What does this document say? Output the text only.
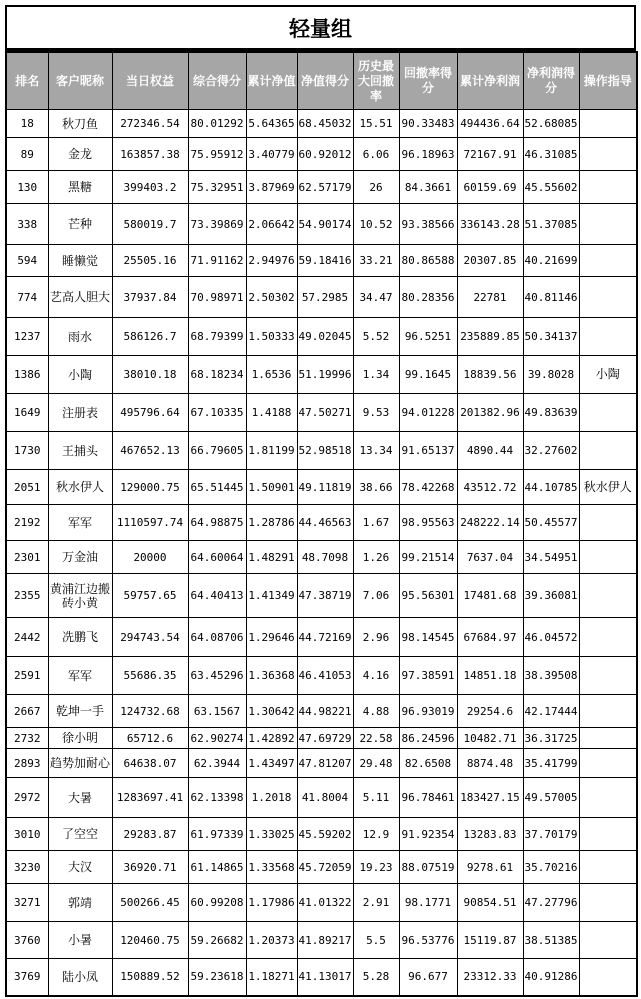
轻量组
排名	客户昵称	当日权益	综合得分	累计净值	净值得分	历史最大回撤率	回撤率得分	累计净利润	净利润得分	操作指导
18	秋刀鱼	272346.54	80.01292	5.64365	68.45032	15.51	90.33483	494436.64	52.68085	
89	金龙	163857.38	75.95912	3.40779	60.92012	6.06	96.18963	72167.91	46.31085	
130	黑糖	399403.2	75.32951	3.87969	62.57179	26	84.3661	60159.69	45.55602	
338	芒种	580019.7	73.39869	2.06642	54.90174	10.52	93.38566	336143.28	51.37085	
594	睡懒觉	25505.16	71.91162	2.94976	59.18416	33.21	80.86588	20307.85	40.21699	
774	艺高人胆大	37937.84	70.98971	2.50302	57.2985	34.47	80.28356	22781	40.81146	
1237	雨水	586126.7	68.79399	1.50333	49.02045	5.52	96.5251	235889.85	50.34137	
1386	小陶	38010.18	68.18234	1.6536	51.19996	1.34	99.1645	18839.56	39.8028	小陶
1649	注册表	495796.64	67.10335	1.4188	47.50271	9.53	94.01228	201382.96	49.83639	
1730	王捕头	467652.13	66.79605	1.81199	52.98518	13.34	91.65137	4890.44	32.27602	
2051	秋水伊人	129000.75	65.51445	1.50901	49.11819	38.66	78.42268	43512.72	44.10785	秋水伊人
2192	军军	1110597.74	64.98875	1.28786	44.46563	1.67	98.95563	248222.14	50.45577	
2301	万金油	20000	64.60064	1.48291	48.7098	1.26	99.21514	7637.04	34.54951	
2355	黄浦江边搬砖小黄	59757.65	64.40413	1.41349	47.38719	7.06	95.56301	17481.68	39.36081	
2442	冼鹏飞	294743.54	64.08706	1.29646	44.72169	2.96	98.14545	67684.97	46.04572	
2591	军军	55686.35	63.45296	1.36368	46.41053	4.16	97.38591	14851.18	38.39508	
2667	乾坤一手	124732.68	63.1567	1.30642	44.98221	4.88	96.93019	29254.6	42.17444	
2732	徐小明	65712.6	62.90274	1.42892	47.69729	22.58	86.24596	10482.71	36.31725	
2893	趋势加耐心	64638.07	62.3944	1.43497	47.81207	29.48	82.6508	8874.48	35.41799	
2972	大暑	1283697.41	62.13398	1.2018	41.8004	5.11	96.78461	183427.15	49.57005	
3010	了空空	29283.87	61.97339	1.33025	45.59202	12.9	91.92354	13283.83	37.70179	
3230	大汉	36920.71	61.14865	1.33568	45.72059	19.23	88.07519	9278.61	35.70216	
3271	郭靖	500266.45	60.99208	1.17986	41.01322	2.91	98.1771	90854.51	47.27796	
3760	小暑	120460.75	59.26682	1.20373	41.89217	5.5	96.53776	15119.87	38.51385	
3769	陆小凤	150889.52	59.23618	1.18271	41.13017	5.28	96.677	23312.33	40.91286	
